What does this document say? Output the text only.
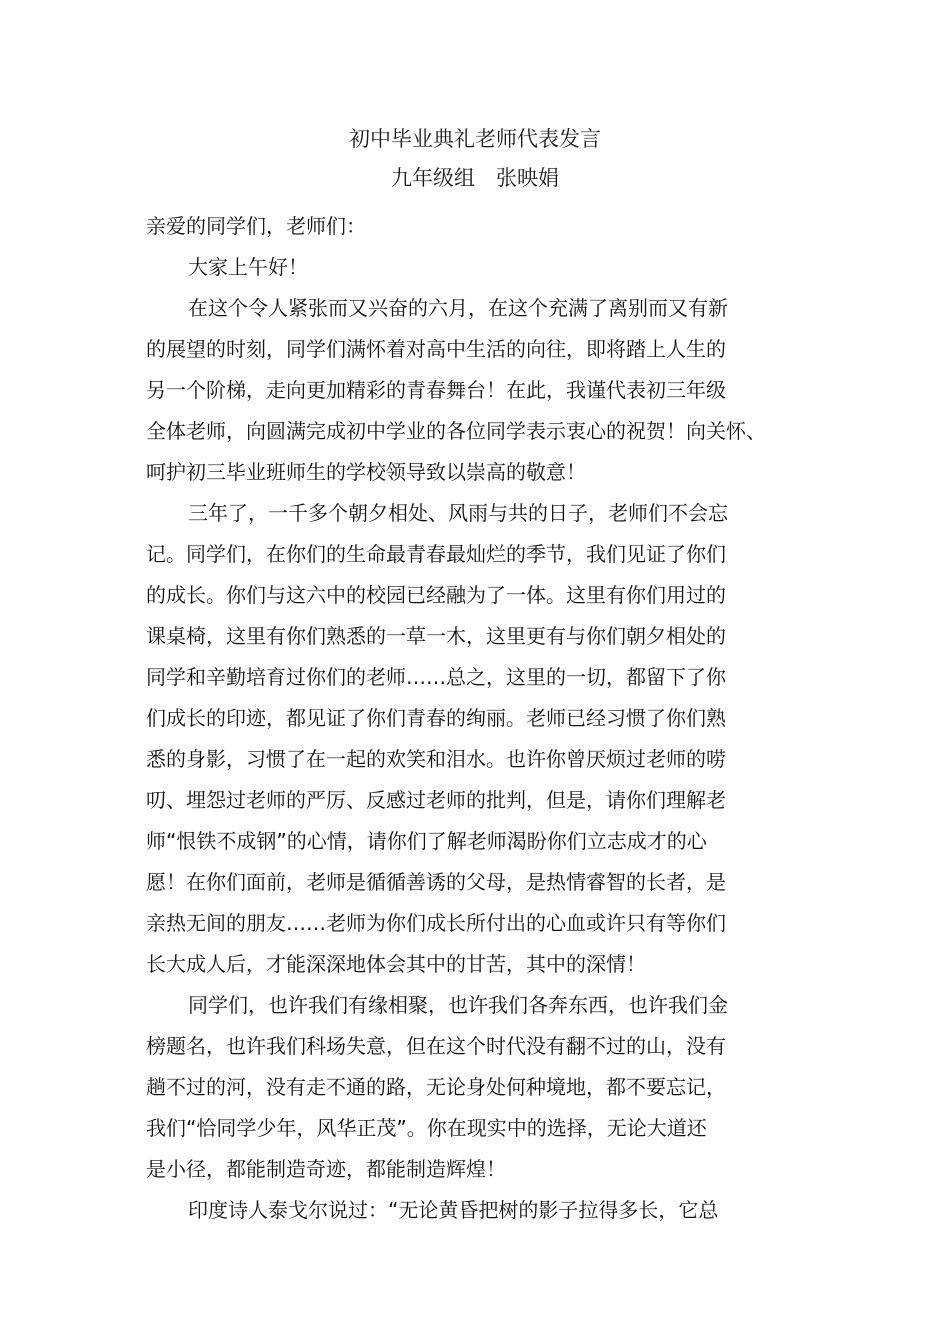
初中毕业典礼老师代表发言
九年级组　张映娟
亲爱的同学们，老师们：
大家上午好！
在这个令人紧张而又兴奋的六月，在这个充满了离别而又有新
的展望的时刻，同学们满怀着对高中生活的向往，即将踏上人生的
另一个阶梯，走向更加精彩的青春舞台！在此，我谨代表初三年级
全体老师，向圆满完成初中学业的各位同学表示衷心的祝贺！向关怀、
呵护初三毕业班师生的学校领导致以崇高的敬意！
三年了，一千多个朝夕相处、风雨与共的日子，老师们不会忘
记。同学们，在你们的生命最青春最灿烂的季节，我们见证了你们
的成长。你们与这六中的校园已经融为了一体。这里有你们用过的
课桌椅，这里有你们熟悉的一草一木，这里更有与你们朝夕相处的
同学和辛勤培育过你们的老师……总之，这里的一切，都留下了你
们成长的印迹，都见证了你们青春的绚丽。老师已经习惯了你们熟
悉的身影，习惯了在一起的欢笑和泪水。也许你曾厌烦过老师的唠
叨、埋怨过老师的严厉、反感过老师的批判，但是，请你们理解老
师“恨铁不成钢”的心情，请你们了解老师渴盼你们立志成才的心
愿！在你们面前，老师是循循善诱的父母，是热情睿智的长者，是
亲热无间的朋友……老师为你们成长所付出的心血或许只有等你们
长大成人后，才能深深地体会其中的甘苦，其中的深情！
同学们，也许我们有缘相聚，也许我们各奔东西，也许我们金
榜题名，也许我们科场失意，但在这个时代没有翻不过的山，没有
趟不过的河，没有走不通的路，无论身处何种境地，都不要忘记，
我们“恰同学少年，风华正茂”。你在现实中的选择，无论大道还
是小径，都能制造奇迹，都能制造辉煌！
印度诗人泰戈尔说过：“无论黄昏把树的影子拉得多长，它总
